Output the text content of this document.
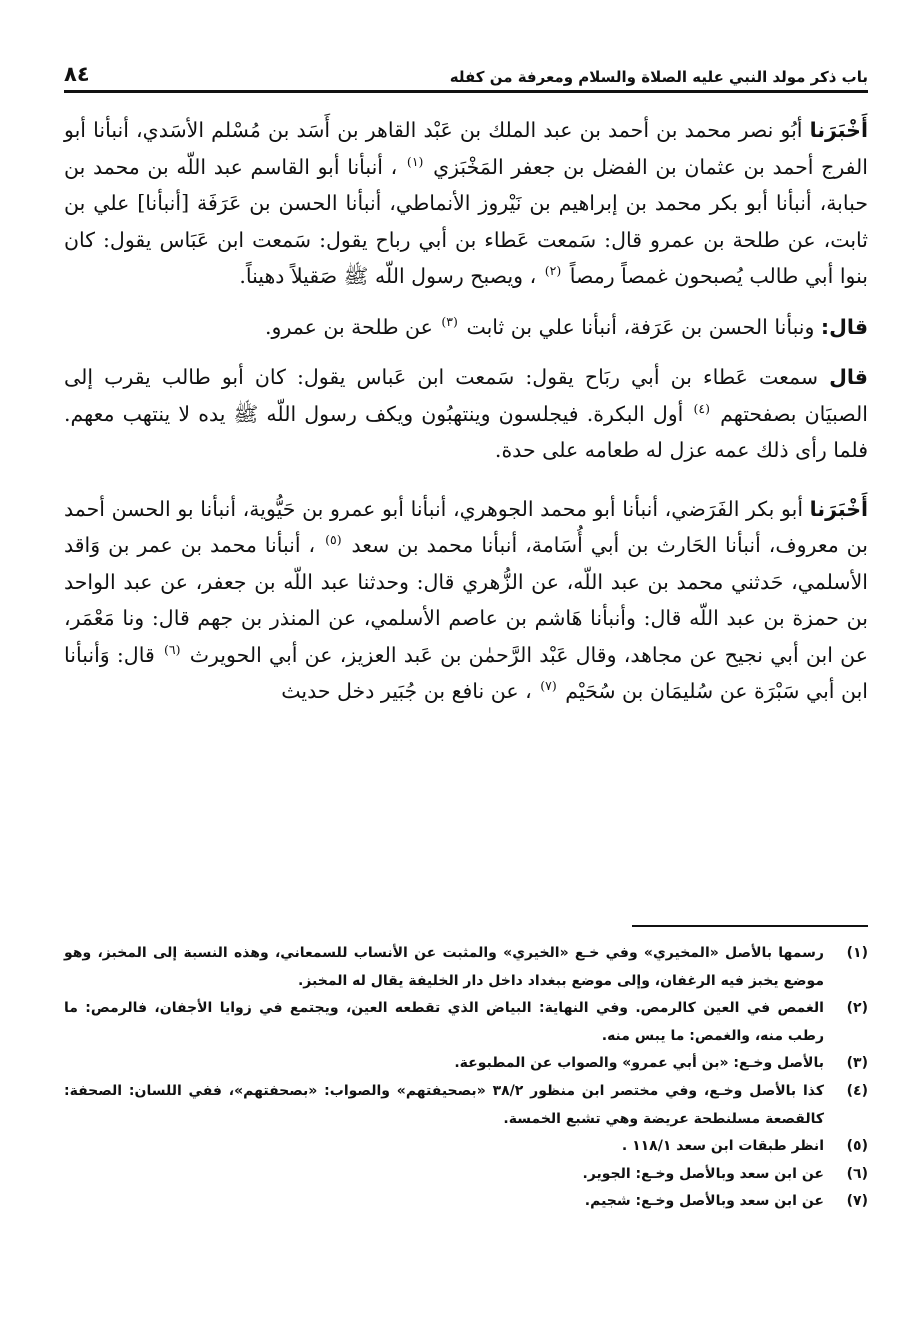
باب ذكر مولد النبي عليه الصلاة والسلام ومعرفة من كفله
٨٤

أَخْبَرَنا أبُو نصر محمد بن أحمد بن عبد الملك بن عَبْد القاهر بن أَسَد بن مُسْلم الأسَدي، أنبأنا أبو الفرج أحمد بن عثمان بن الفضل بن جعفر المَخْبَزي $^{(١)}$ ، أنبأنا أبو القاسم عبد اللّه بن محمد بن حبابة، أنبأنا أبو بكر محمد بن إبراهيم بن نَيْروز الأنماطي، أنبأنا الحسن بن عَرَفَة [أنبأنا] علي بن ثابت، عن طلحة بن عمرو قال: سَمعت عَطاء بن أبي رباح يقول: سَمعت ابن عَبَاس يقول: كان بنوا أبي طالب يُصبحون غمصاً رمصاً $^{(٢)}$ ، ويصبح رسول اللّه ﷺ صَقيلاً دهيناً.

قال: ونبأنا الحسن بن عَرَفة، أنبأنا علي بن ثابت $^{(٣)}$ عن طلحة بن عمرو.

قال سمعت عَطاء بن أبي ربَاح يقول: سَمعت ابن عَباس يقول: كان أبو طالب يقرب إلى الصبيَان بصفحتهم $^{(٤)}$ أول البكرة. فيجلسون وينتهبُون ويكف رسول اللّه ﷺ يده لا ينتهب معهم. فلما رأى ذلك عمه عزل له طعامه على حدة.

أَخْبَرَنا أبو بكر الفَرَضي، أنبأنا أبو محمد الجوهري، أنبأنا أبو عمرو بن حَيُّوية، أنبأنا بو الحسن أحمد بن معروف، أنبأنا الحَارث بن أبي أُسَامة، أنبأنا محمد بن سعد $^{(٥)}$ ، أنبأنا محمد بن عمر بن وَاقد الأسلمي، حَدثني محمد بن عبد اللّه، عن الزُّهري قال: وحدثنا عبد اللّه بن جعفر، عن عبد الواحد بن حمزة بن عبد اللّه قال: وأنبأنا هَاشم بن عاصم الأسلمي، عن المنذر بن جهم قال: ونا مَعْمَر، عن ابن أبي نجيح عن مجاهد، وقال عَبْد الرَّحمٰن بن عَبد العزيز، عن أبي الحويرث $^{(٦)}$ قال: وَأنبأنا ابن أبي سَبْرَة عن سُليمَان بن سُحَيْم $^{(٧)}$ ، عن نافع بن جُبَير دخل حديث

(١)
رسمها بالأصل «المخيري» وفي خـع «الخيري» والمثبت عن الأنساب للسمعاني، وهذه النسبة إلى المخبز، وهو موضع يخبز فيه الرغفان، وإلى موضع ببغداد داخل دار الخليفة يقال له المخبز.

(٢)
الغمص في العين كالرمص. وفي النهاية: البياض الذي تقطعه العين، ويجتمع في زوايا الأجفان، فالرمص: ما رطب منه، والغمص: ما يبس منه.

(٣)
بالأصل وخـع: «بن أبي عمرو» والصواب عن المطبوعة.

(٤)
كذا بالأصل وخـع، وفي مختصر ابن منظور ٣٨/٢ «بصحيفتهم» والصواب: «بصحفتهم»، ففي اللسان: الصحفة: كالقصعة مسلنطحة عريضة وهي تشبع الخمسة.

(٥)
انظر طبقات ابن سعد ١١٨/١ .

(٦)
عن ابن سعد وبالأصل وخـع: الجوير.

(٧)
عن ابن سعد وبالأصل وخـع: شجيم.
